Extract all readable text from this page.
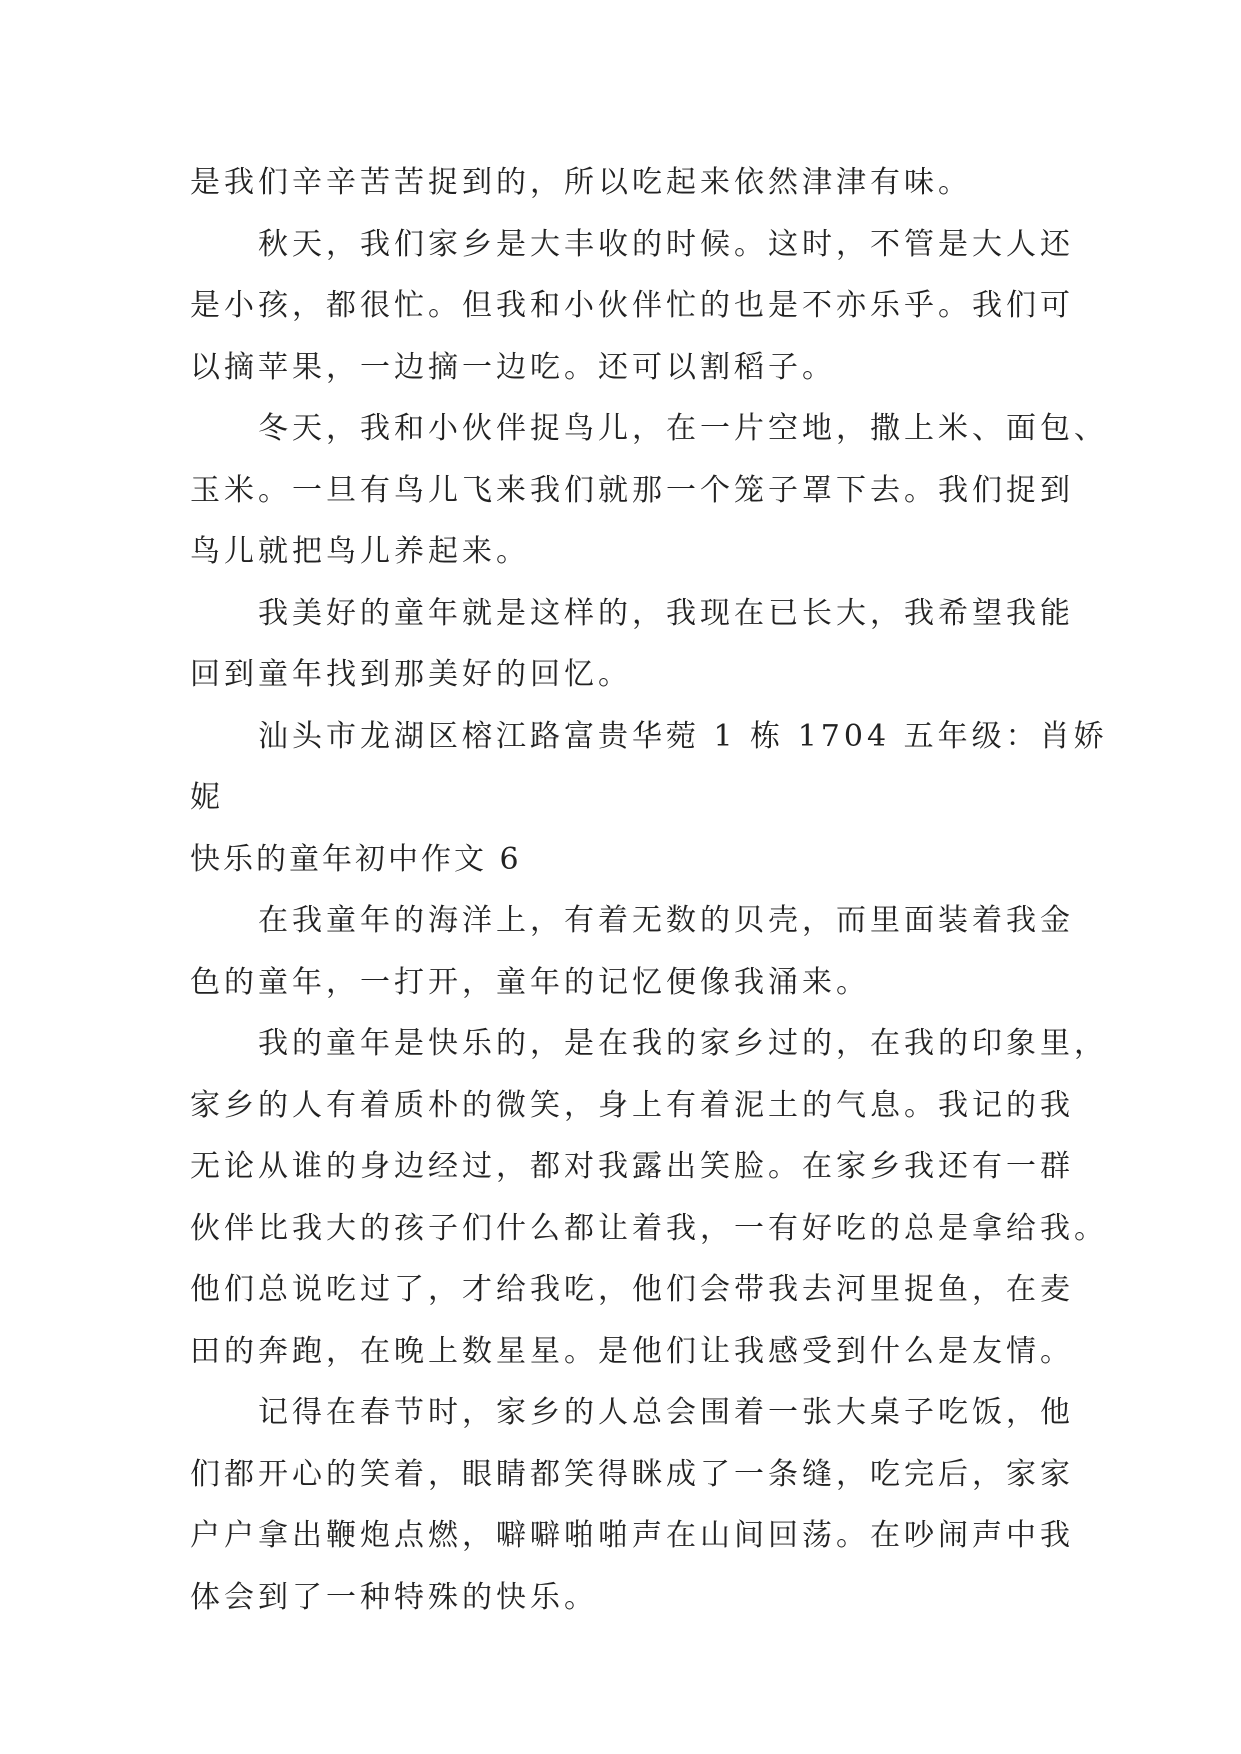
是我们辛辛苦苦捉到的，所以吃起来依然津津有味。
秋天，我们家乡是大丰收的时候。这时，不管是大人还
是小孩，都很忙。但我和小伙伴忙的也是不亦乐乎。我们可
以摘苹果，一边摘一边吃。还可以割稻子。
冬天，我和小伙伴捉鸟儿，在一片空地，撒上米、面包、
玉米。一旦有鸟儿飞来我们就那一个笼子罩下去。我们捉到
鸟儿就把鸟儿养起来。
我美好的童年就是这样的，我现在已长大，我希望我能
回到童年找到那美好的回忆。
汕头市龙湖区榕江路富贵华菀 1 栋 1704 五年级：肖娇
妮
快乐的童年初中作文 6
在我童年的海洋上，有着无数的贝壳，而里面装着我金
色的童年，一打开，童年的记忆便像我涌来。
我的童年是快乐的，是在我的家乡过的，在我的印象里，
家乡的人有着质朴的微笑，身上有着泥土的气息。我记的我
无论从谁的身边经过，都对我露出笑脸。在家乡我还有一群
伙伴比我大的孩子们什么都让着我，一有好吃的总是拿给我。
他们总说吃过了，才给我吃，他们会带我去河里捉鱼，在麦
田的奔跑，在晚上数星星。是他们让我感受到什么是友情。
记得在春节时，家乡的人总会围着一张大桌子吃饭，他
们都开心的笑着，眼睛都笑得眯成了一条缝，吃完后，家家
户户拿出鞭炮点燃，噼噼啪啪声在山间回荡。在吵闹声中我
体会到了一种特殊的快乐。
